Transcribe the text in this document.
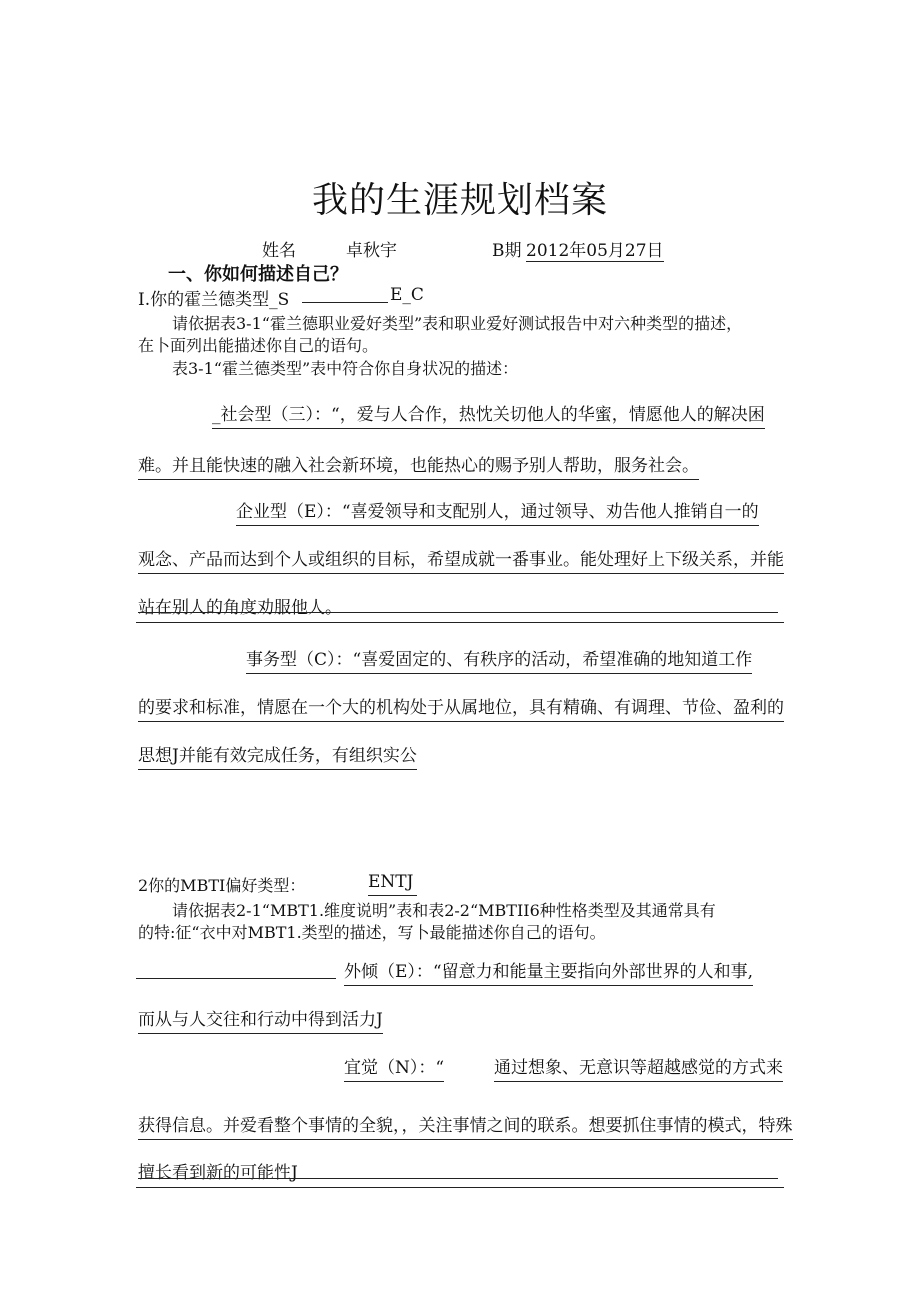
我的生涯规划档案
姓名	卓秋宇	B期 2012年05月27日
一、你如何描述自己？
I.你的霍兰德类型_S	E_C
请依据表3-1“霍兰德职业爱好类型”表和职业爱好测试报告中对六种类型的描述，
在卜面列出能描述你自己的语句。
表3-1“霍兰德类型”表中符合你自身状况的描述：
_社会型（三）：“，爱与人合作，热忱关切他人的华蜜，情愿他人的解决困
难。并且能快速的融入社会新环境，也能热心的赐予别人帮助，服务社会。
企业型（E）：“喜爱领导和支配别人，通过领导、劝告他人推销自一的
观念、产品而达到个人或组织的目标，希望成就一番事业。能处理好上下级关系，并能
站在别人的角度劝服他人。
事务型（C）：“喜爱固定的、有秩序的活动，希望准确的地知道工作
的要求和标准，情愿在一个大的机构处于从属地位，具有精确、有调理、节俭、盈利的
思想J并能有效完成任务，有组织实公
2你的MBTI偏好类型：	ENTJ
请依据表2-1“MBT1.维度说明”表和表2-2“MBTII6种性格类型及其通常具有
的特:征“衣中对MBT1.类型的描述，写卜最能描述你自己的语句。
外倾（E）：“留意力和能量主要指向外部世界的人和事,
而从与人交往和行动中得到活力J
宜觉（N）：“	通过想象、无意识等超越感觉的方式来
获得信息。并爱看整个事情的全貌，，关注事情之间的联系。想要抓住事情的模式，特殊
擅长看到新的可能性J
